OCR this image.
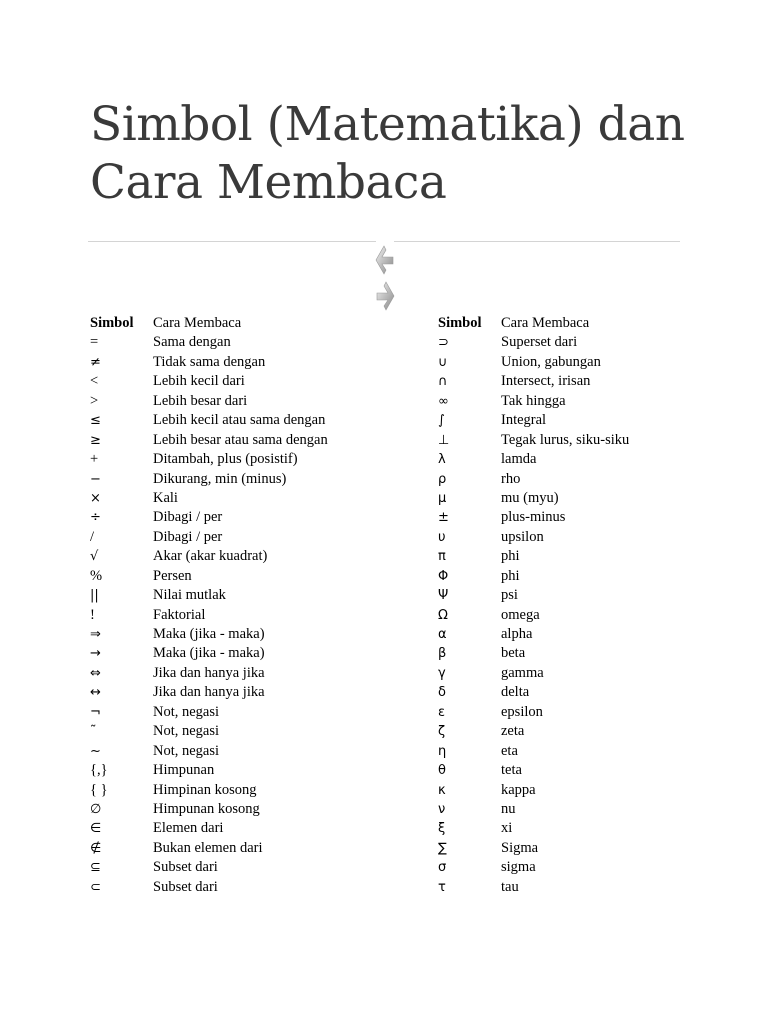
Simbol (Matematika) dan Cara Membaca
Simbol	Cara Membaca
=	Sama dengan
≠	Tidak sama dengan
<	Lebih kecil dari
>	Lebih besar dari
≤	Lebih kecil atau sama dengan
≥	Lebih besar atau sama dengan
+	Ditambah, plus (posistif)
−	Dikurang, min (minus)
×	Kali
÷	Dibagi / per
/	Dibagi / per
√	Akar (akar kuadrat)
%	Persen
||	Nilai mutlak
!	Faktorial
⇒	Maka (jika - maka)
→	Maka (jika - maka)
⇔	Jika dan hanya jika
↔	Jika dan hanya jika
¬	Not, negasi
˜	Not, negasi
~	Not, negasi
{,}	Himpunan
{ }	Himpinan kosong
∅	Himpunan kosong
∈	Elemen dari
∉	Bukan elemen dari
⊆	Subset dari
⊂	Subset dari
Simbol	Cara Membaca
⊃	Superset dari
∪	Union, gabungan
∩	Intersect, irisan
∞	Tak hingga
∫	Integral
⊥	Tegak lurus, siku-siku
λ	lamda
ρ	rho
μ	mu (myu)
±	plus-minus
υ	upsilon
π	phi
Φ	phi
Ψ	psi
Ω	omega
α	alpha
β	beta
γ	gamma
δ	delta
ε	epsilon
ζ	zeta
η	eta
θ	teta
κ	kappa
ν	nu
ξ	xi
∑	Sigma
σ	sigma
τ	tau
